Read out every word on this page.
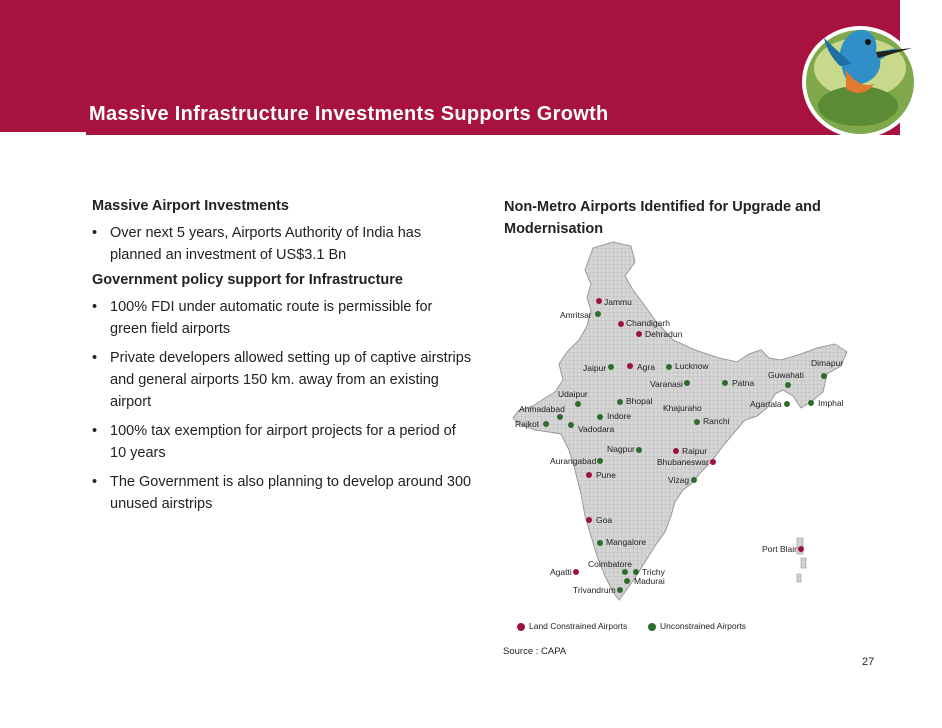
Massive Infrastructure Investments Supports Growth

Massive Airport Investments

• Over next 5 years, Airports Authority of India has planned an investment of US$3.1 Bn

Government policy support for Infrastructure

• 100% FDI under automatic route is permissible for green field airports

• Private developers allowed setting up of captive airstrips and general airports 150 km. away from an existing airport

• 100% tax exemption for airport projects for a period of 10 years

• The Government is also planning to develop around 300 unused airstrips

Non-Metro Airports Identified for Upgrade and Modernisation
Jammu
Amritsar
Chandigarh
Dehradun
Jaipur	Agra Lucknow	Dimapur
Guwahati
Varanasi	Patna
Udaipur
Bhopal
Ahmadabad	Khajuraho	Agartala	Imphal
Indore	Ranchi
Rajkot	Vadodara
Nagpur	Raipur
Aurangabad	Bhubaneswar
Pune	Vizag
Goa
Mangalore
Port Blair
Coimbatore
Agatti	Trichy
Madurai
Trivandrum
Land Constrained Airports	Unconstrained Airports
Source : CAPA
27
